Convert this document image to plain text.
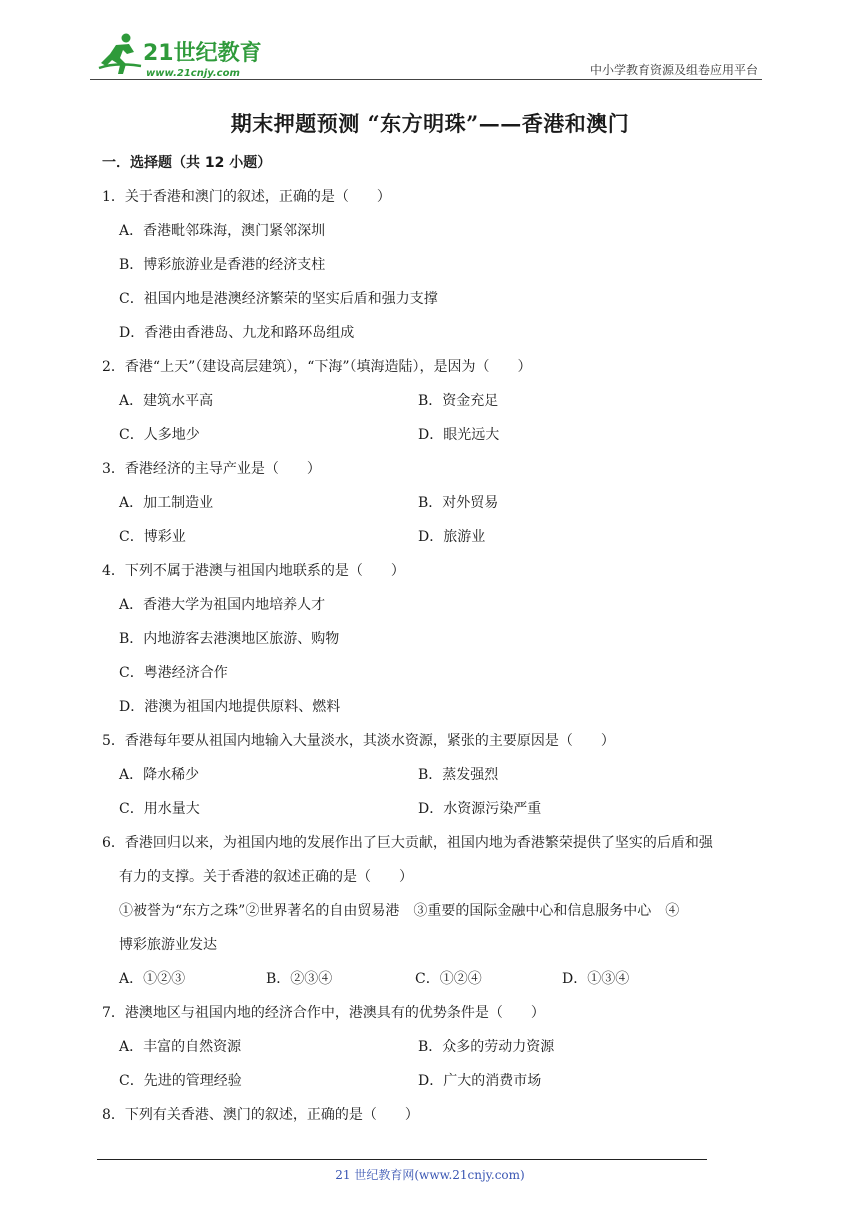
21世纪教育
www.21cnjy.com	中小学教育资源及组卷应用平台
期末押题预测 “东方明珠”——香港和澳门
一．选择题（共 12 小题）
1．关于香港和澳门的叙述，正确的是（　　）
A．香港毗邻珠海，澳门紧邻深圳
B．博彩旅游业是香港的经济支柱
C．祖国内地是港澳经济繁荣的坚实后盾和强力支撑
D．香港由香港岛、九龙和路环岛组成
2．香港“上天”（建设高层建筑），“下海”（填海造陆），是因为（　　）
A．建筑水平高	B．资金充足
C．人多地少	D．眼光远大
3．香港经济的主导产业是（　　）
A．加工制造业	B．对外贸易
C．博彩业	D．旅游业
4．下列不属于港澳与祖国内地联系的是（　　）
A．香港大学为祖国内地培养人才
B．内地游客去港澳地区旅游、购物
C．粤港经济合作
D．港澳为祖国内地提供原料、燃料
5．香港每年要从祖国内地输入大量淡水，其淡水资源，紧张的主要原因是（　　）
A．降水稀少	B．蒸发强烈
C．用水量大	D．水资源污染严重
6．香港回归以来，为祖国内地的发展作出了巨大贡献，祖国内地为香港繁荣提供了坚实的后盾和强
有力的支撑。关于香港的叙述正确的是（　　）
①被誉为“东方之珠”②世界著名的自由贸易港　③重要的国际金融中心和信息服务中心　④
博彩旅游业发达
A．①②③	B．②③④	C．①②④	D．①③④
7．港澳地区与祖国内地的经济合作中，港澳具有的优势条件是（　　）
A．丰富的自然资源	B．众多的劳动力资源
C．先进的管理经验	D．广大的消费市场
8．下列有关香港、澳门的叙述，正确的是（　　）
21 世纪教育网(www.21cnjy.com)
